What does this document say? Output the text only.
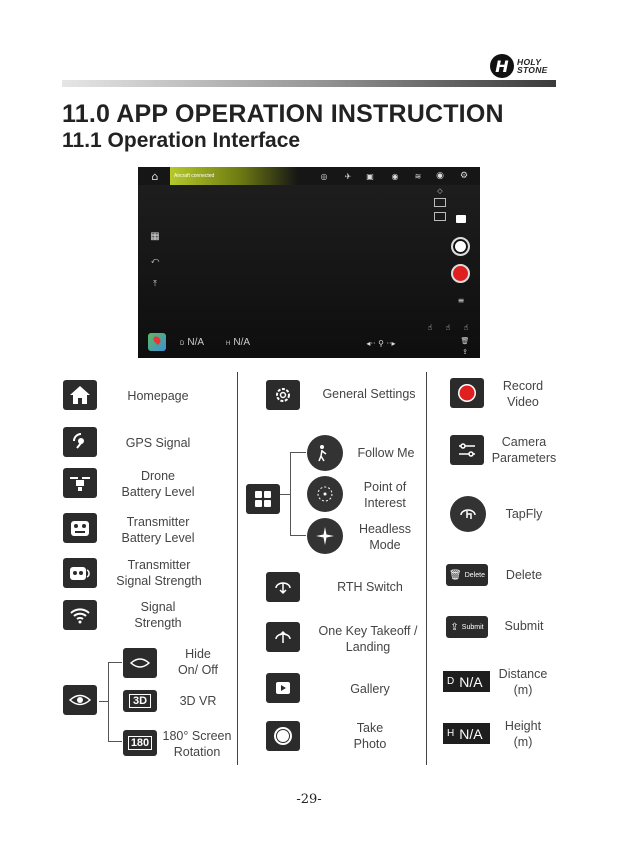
H HOLY
STONE
11.0 APP OPERATION INSTRUCTION
11.1 Operation Interface
⌂	Aircraft connected	◎	✈	▣	◉	≋	◉	⚙
◇
▦
⤺
⤒
≡
☝	☝	☝
🗑
⇪
◂·· ⚲ ··▸
D N/A	H N/A
Homepage
GPS Signal
Drone
Battery Level
Transmitter
Battery Level
Transmitter
Signal Strength
Signal
Strength
Hide
On/ Off
3D	3D VR
180 180° Screen
Rotation
General Settings
Follow Me
Point of
Interest
Headless
Mode
RTH Switch
One Key Takeoff /
Landing
Gallery
Take
Photo
Record
Video
Camera
Parameters
TapFly
🗑 Delete	Delete
⇪ Submit	Submit
D N/A	Distance
(m)
H N/A	Height
(m)
-29-
